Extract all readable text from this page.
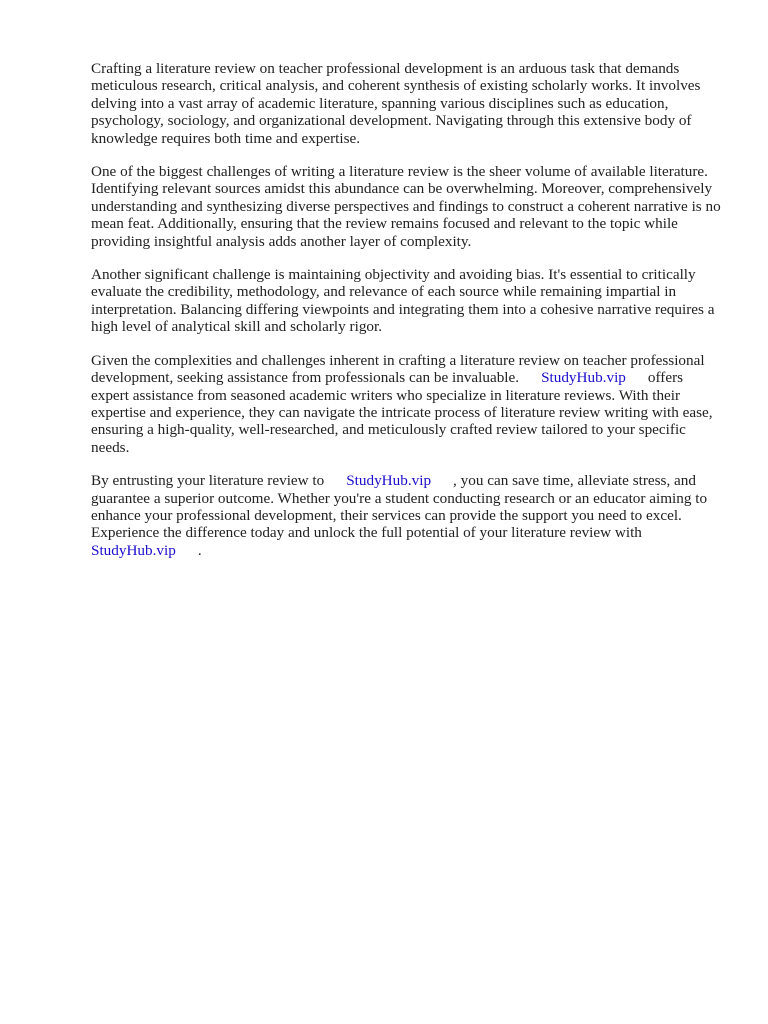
Crafting a literature review on teacher professional development is an arduous task that demands meticulous research, critical analysis, and coherent synthesis of existing scholarly works. It involves delving into a vast array of academic literature, spanning various disciplines such as education, psychology, sociology, and organizational development. Navigating through this extensive body of knowledge requires both time and expertise.

One of the biggest challenges of writing a literature review is the sheer volume of available literature. Identifying relevant sources amidst this abundance can be overwhelming. Moreover, comprehensively understanding and synthesizing diverse perspectives and findings to construct a coherent narrative is no mean feat. Additionally, ensuring that the review remains focused and relevant to the topic while providing insightful analysis adds another layer of complexity.

Another significant challenge is maintaining objectivity and avoiding bias. It's essential to critically evaluate the credibility, methodology, and relevance of each source while remaining impartial in interpretation. Balancing differing viewpoints and integrating them into a cohesive narrative requires a high level of analytical skill and scholarly rigor.

Given the complexities and challenges inherent in crafting a literature review on teacher professional development, seeking assistance from professionals can be invaluable. StudyHub.vip offers expert assistance from seasoned academic writers who specialize in literature reviews. With their expertise and experience, they can navigate the intricate process of literature review writing with ease, ensuring a high-quality, well-researched, and meticulously crafted review tailored to your specific needs.

By entrusting your literature review to StudyHub.vip , you can save time, alleviate stress, and guarantee a superior outcome. Whether you're a student conducting research or an educator aiming to enhance your professional development, their services can provide the support you need to excel. Experience the difference today and unlock the full potential of your literature review with StudyHub.vip .
